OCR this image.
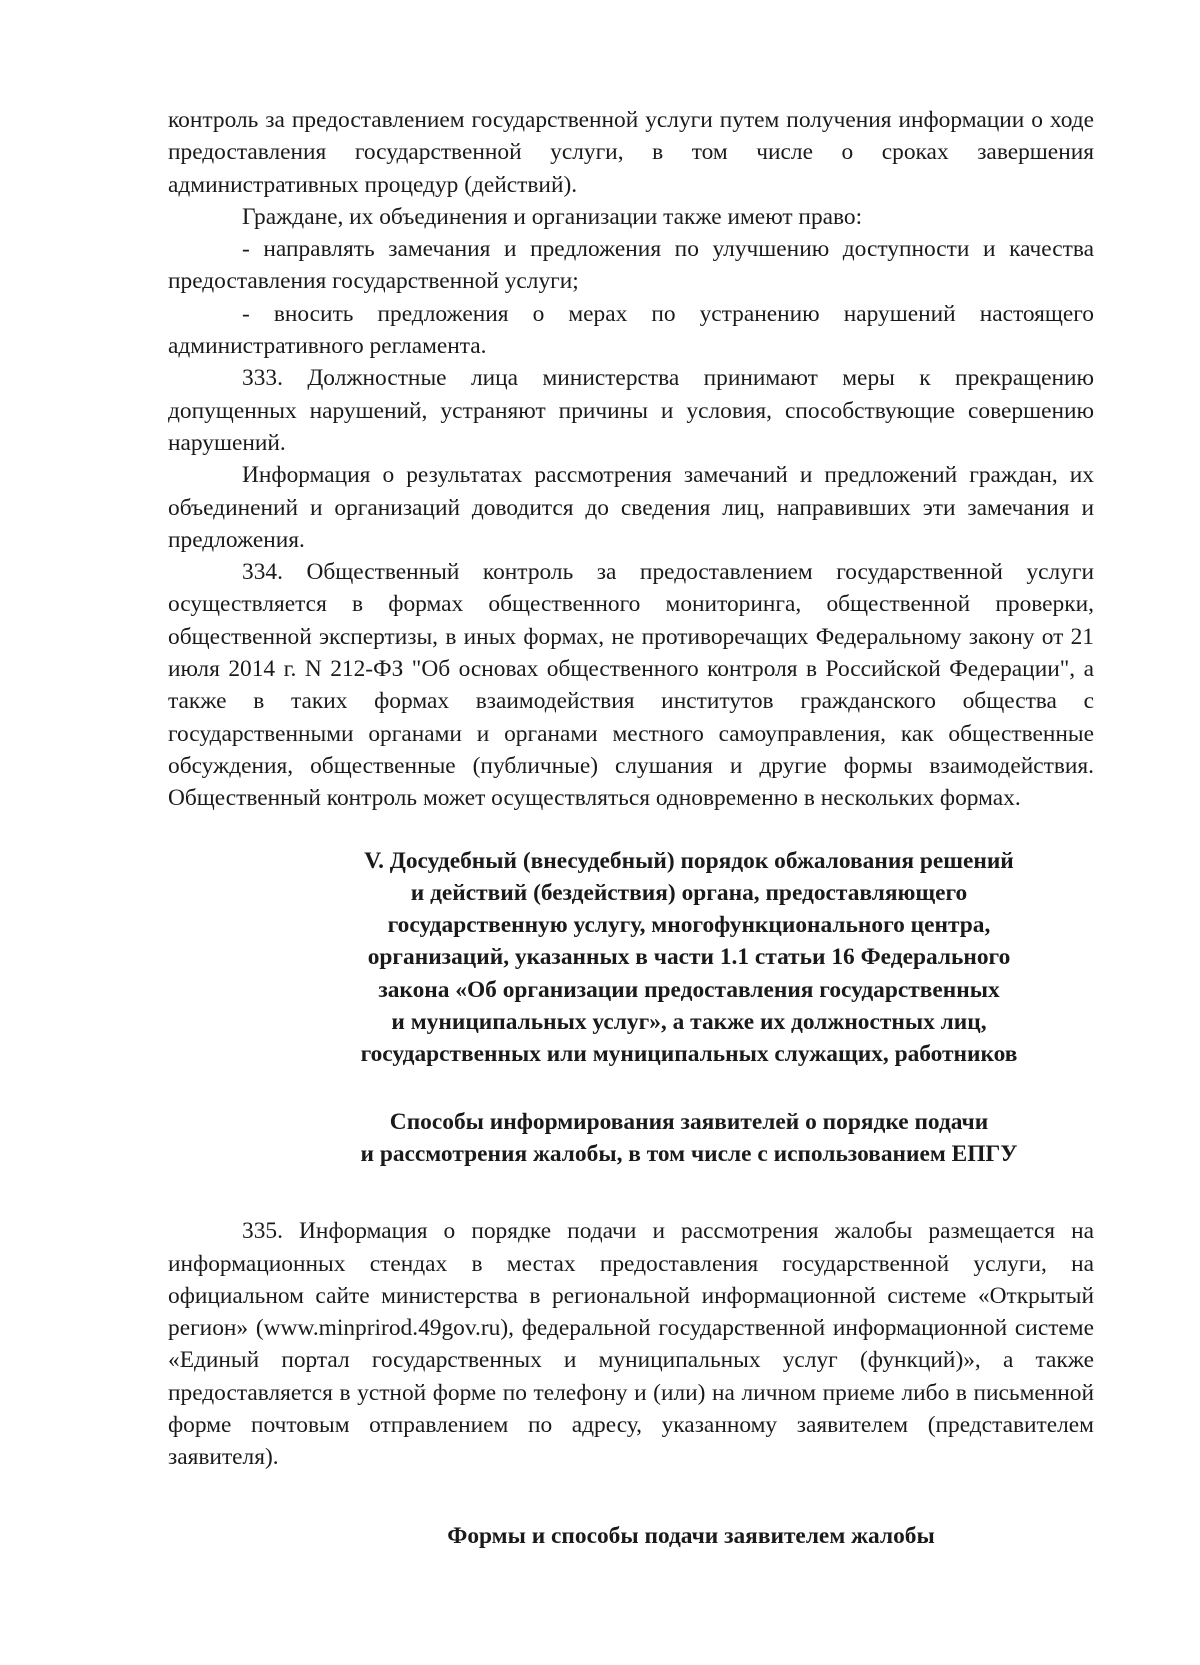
контроль за предоставлением государственной услуги путем получения информации о ходе предоставления государственной услуги, в том числе о сроках завершения административных процедур (действий).

Граждане, их объединения и организации также имеют право:

- направлять замечания и предложения по улучшению доступности и качества предоставления государственной услуги;

- вносить предложения о мерах по устранению нарушений настоящего административного регламента.

333. Должностные лица министерства принимают меры к прекращению допущенных нарушений, устраняют причины и условия, способствующие совершению нарушений.

Информация о результатах рассмотрения замечаний и предложений граждан, их объединений и организаций доводится до сведения лиц, направивших эти замечания и предложения.

334. Общественный контроль за предоставлением государственной услуги осуществляется в формах общественного мониторинга, общественной проверки, общественной экспертизы, в иных формах, не противоречащих Федеральному закону от 21 июля 2014 г. N 212-ФЗ "Об основах общественного контроля в Российской Федерации", а также в таких формах взаимодействия институтов гражданского общества с государственными органами и органами местного самоуправления, как общественные обсуждения, общественные (публичные) слушания и другие формы взаимодействия. Общественный контроль может осуществляться одновременно в нескольких формах.

V. Досудебный (внесудебный) порядок обжалования решений
и действий (бездействия) органа, предоставляющего
государственную услугу, многофункционального центра,
организаций, указанных в части 1.1 статьи 16 Федерального
закона «Об организации предоставления государственных
и муниципальных услуг», а также их должностных лиц,
государственных или муниципальных служащих, работников
Способы информирования заявителей о порядке подачи
и рассмотрения жалобы, в том числе с использованием ЕПГУ

335. Информация о порядке подачи и рассмотрения жалобы размещается на информационных стендах в местах предоставления государственной услуги, на официальном сайте министерства в региональной информационной системе «Открытый регион» (www.minprirod.49gov.ru), федеральной государственной информационной системе «Единый портал государственных и муниципальных услуг (функций)», а также предоставляется в устной форме по телефону и (или) на личном приеме либо в письменной форме почтовым отправлением по адресу, указанному заявителем (представителем заявителя).

Формы и способы подачи заявителем жалобы
